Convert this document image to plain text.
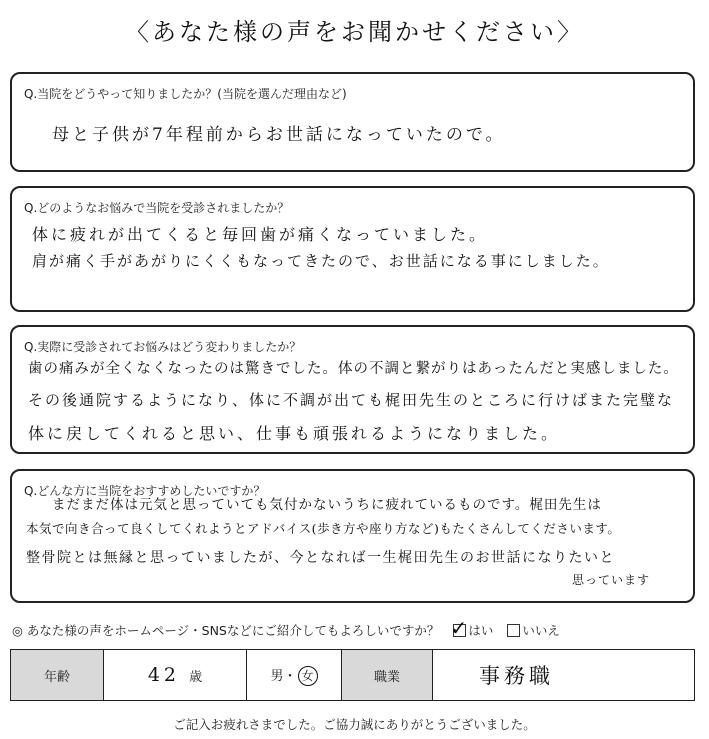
〈あなた様の声をお聞かせください〉
Q.当院をどうやって知りましたか？(当院を選んだ理由など)
母と子供が7年程前からお世話になっていたので。
Q.どのようなお悩みで当院を受診されましたか？
体に疲れが出てくると毎回歯が痛くなっていました。
肩が痛く手があがりにくくもなってきたので、お世話になる事にしました。
Q.実際に受診されてお悩みはどう変わりましたか？
歯の痛みが全くなくなったのは驚きでした。体の不調と繋がりはあったんだと実感しました。
その後通院するようになり、体に不調が出ても梶田先生のところに行けばまた完璧な
体に戻してくれると思い、仕事も頑張れるようになりました。
Q.どんな方に当院をおすすめしたいですか？
まだまだ体は元気と思っていても気付かないうちに疲れているものです。梶田先生は
本気で向き合って良くしてくれようとアドバイス(歩き方や座り方など)もたくさんしてくださいます。
整骨院とは無縁と思っていましたが、今となれば一生梶田先生のお世話になりたいと
思っています
◎ あなた様の声をホームページ・SNSなどにご紹介してもよろしいですか？ ✓ はい いいえ
年齢	42 歳	男・ 女	職業	事務職
ご記入お疲れさまでした。ご協力誠にありがとうございました。
